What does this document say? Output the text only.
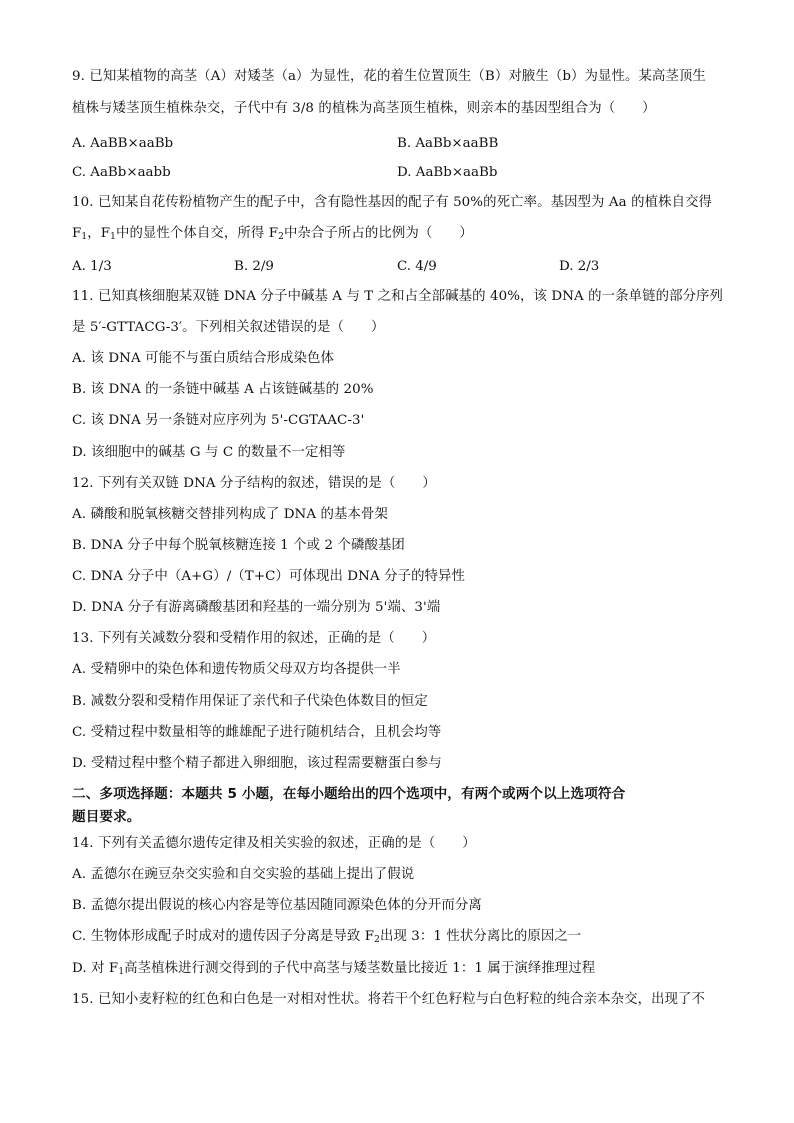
9. 已知某植物的高茎（A）对矮茎（a）为显性，花的着生位置顶生（B）对腋生（b）为显性。某高茎顶生
植株与矮茎顶生植株杂交，子代中有 3/8 的植株为高茎顶生植株，则亲本的基因型组合为（　　）
A. AaBB×aaBb	B. AaBb×aaBB
C. AaBb×aabb	D. AaBb×aaBb
10. 已知某自花传粉植物产生的配子中，含有隐性基因的配子有 50%的死亡率。基因型为 Aa 的植株自交得
$F_1$，$F_1$中的显性个体自交，所得 $F_2$中杂合子所占的比例为（　　）
A. 1/3	B. 2/9	C. 4/9	D. 2/3
11. 已知真核细胞某双链 DNA 分子中碱基 A 与 T 之和占全部碱基的 40%，该 DNA 的一条单链的部分序列
是 5′-GTTACG-3′。下列相关叙述错误的是（　　）
A. 该 DNA 可能不与蛋白质结合形成染色体
B. 该 DNA 的一条链中碱基 A 占该链碱基的 20%
C. 该 DNA 另一条链对应序列为 5'-CGTAAC-3'
D. 该细胞中的碱基 G 与 C 的数量不一定相等
12. 下列有关双链 DNA 分子结构的叙述，错误的是（　　）
A. 磷酸和脱氧核糖交替排列构成了 DNA 的基本骨架
B. DNA 分子中每个脱氧核糖连接 1 个或 2 个磷酸基团
C. DNA 分子中（A+G）/（T+C）可体现出 DNA 分子的特异性
D. DNA 分子有游离磷酸基团和羟基的一端分别为 5'端、3'端
13. 下列有关减数分裂和受精作用的叙述，正确的是（　　）
A. 受精卵中的染色体和遗传物质父母双方均各提供一半
B. 减数分裂和受精作用保证了亲代和子代染色体数目的恒定
C. 受精过程中数量相等的雌雄配子进行随机结合，且机会均等
D. 受精过程中整个精子都进入卵细胞，该过程需要糖蛋白参与
二、多项选择题：本题共 5 小题，在每小题给出的四个选项中，有两个或两个以上选项符合
题目要求。
14. 下列有关孟德尔遗传定律及相关实验的叙述，正确的是（　　）
A. 孟德尔在豌豆杂交实验和自交实验的基础上提出了假说
B. 孟德尔提出假说的核心内容是等位基因随同源染色体的分开而分离
C. 生物体形成配子时成对的遗传因子分离是导致 $F_2$出现 3：1 性状分离比的原因之一
D. 对 $F_1$高茎植株进行测交得到的子代中高茎与矮茎数量比接近 1：1 属于演绎推理过程
15. 已知小麦籽粒的红色和白色是一对相对性状。将若干个红色籽粒与白色籽粒的纯合亲本杂交，出现了不
